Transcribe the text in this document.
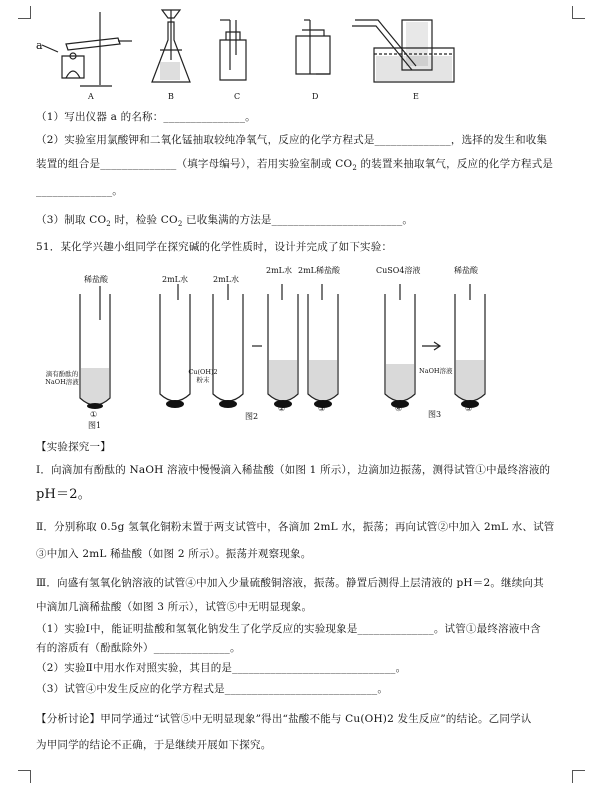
a
A	B	C	D	E
（1）写出仪器 a 的名称：_______________。
（2）实验室用氯酸钾和二氧化锰抽取较纯净氧气，反应的化学方程式是______________，选择的发生和收集
装置的组合是______________（填字母编号），若用实验室制或 $CO_2$ 的装置来抽取氧气，反应的化学方程式是
______________。
（3）制取 $CO_2$ 时，检验 $CO_2$ 已收集满的方法是________________________。
51．某化学兴趣小组同学在探究碱的化学性质时，设计并完成了如下实验：
稀盐酸
滴有酚酞的NaOH溶液
①
图1
2mL水	2mL水
2mL水 2mL稀盐酸
Cu(OH)2粉末
②	③
图2
CuSO4溶液	稀盐酸
NaOH溶液
④	⑤
图3
【实验探究一】
Ⅰ．向滴加有酚酞的 NaOH 溶液中慢慢滴入稀盐酸（如图 1 所示），边滴加边振荡，测得试管①中最终溶液的
pH＝2。
Ⅱ．分别称取 0.5g 氢氧化铜粉末置于两支试管中，各滴加 2mL 水，振荡；再向试管②中加入 2mL 水、试管
③中加入 2mL 稀盐酸（如图 2 所示）。振荡并观察现象。
Ⅲ．向盛有氢氧化钠溶液的试管④中加入少量硫酸铜溶液，振荡。静置后测得上层清液的 pH＝2。继续向其
中滴加几滴稀盐酸（如图 3 所示），试管⑤中无明显现象。
（1）实验Ⅰ中，能证明盐酸和氢氧化钠发生了化学反应的实验现象是______________。试管①最终溶液中含
有的溶质有（酚酞除外）______________。
（2）实验Ⅱ中用水作对照实验，其目的是______________________________。
（3）试管④中发生反应的化学方程式是____________________________。
【分析讨论】甲同学通过“试管⑤中无明显现象”得出“盐酸不能与 Cu(OH)2 发生反应”的结论。乙同学认
为甲同学的结论不正确，于是继续开展如下探究。
